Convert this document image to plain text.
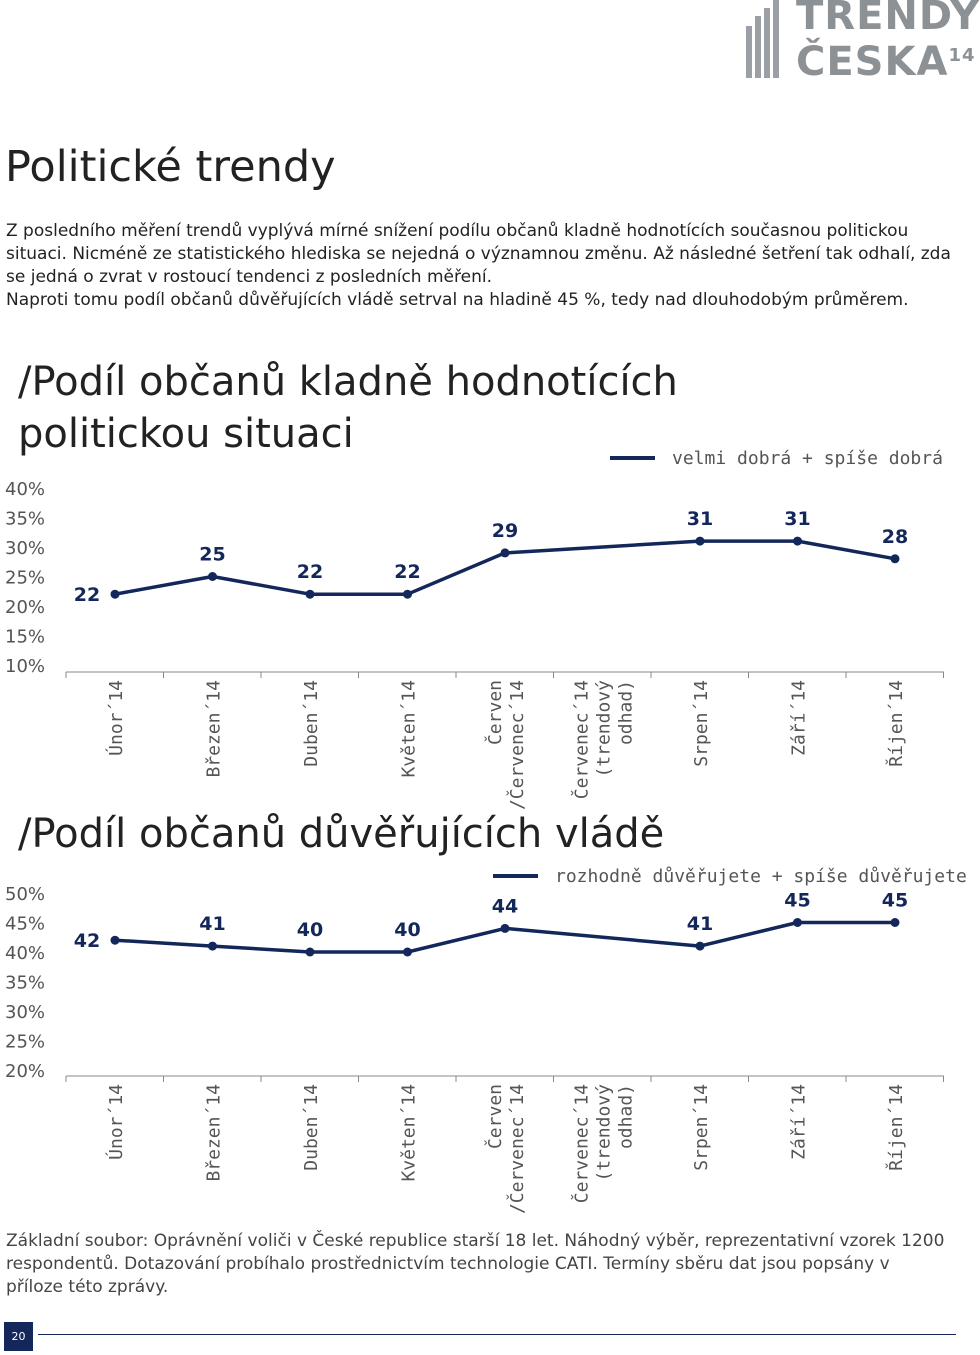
TRENDY
ČESKA$^{14}$
Politické trendy

Z posledního měření trendů vyplývá mírné snížení podílu občanů kladně hodnotících současnou politickou situaci. Nicméně ze statistického hlediska se nejedná o významnou změnu. Až následné šetření tak odhalí, zda se jedná o zvrat v rostoucí tendenci z posledních měření.

Naproti tomu podíl občanů důvěřujících vládě setrval na hladině 45 %, tedy nad dlouhodobým průměrem.

/Podíl občanů kladně hodnotících politickou situaci
40%
35%
30%
25%
20%
15%
10%
velmi dobrá + spíše dobrá
22
25
22	22
29
31	31
28
Únor´14	Březen´14	Duben´14	Květen´14	Červen /Červenec´14 Červenec´14 (trendový odhad)	Srpen´14	Září´14	Říjen´14
/Podíl občanů důvěřujících vládě
50%
45%
40%
35%
30%
25%
20%
rozhodně důvěřujete + spíše důvěřujete
42
41	40	40
44
41
45	45
Únor´14	Březen´14	Duben´14	Květen´14	Červen /Červenec´14 Červenec´14 (trendový odhad)	Srpen´14	Září´14	Říjen´14

Základní soubor: Oprávnění voliči v České republice starší 18 let. Náhodný výběr, reprezentativní vzorek 1200 respondentů. Dotazování probíhalo prostřednictvím technologie CATI. Termíny sběru dat jsou popsány v příloze této zprávy.

20
